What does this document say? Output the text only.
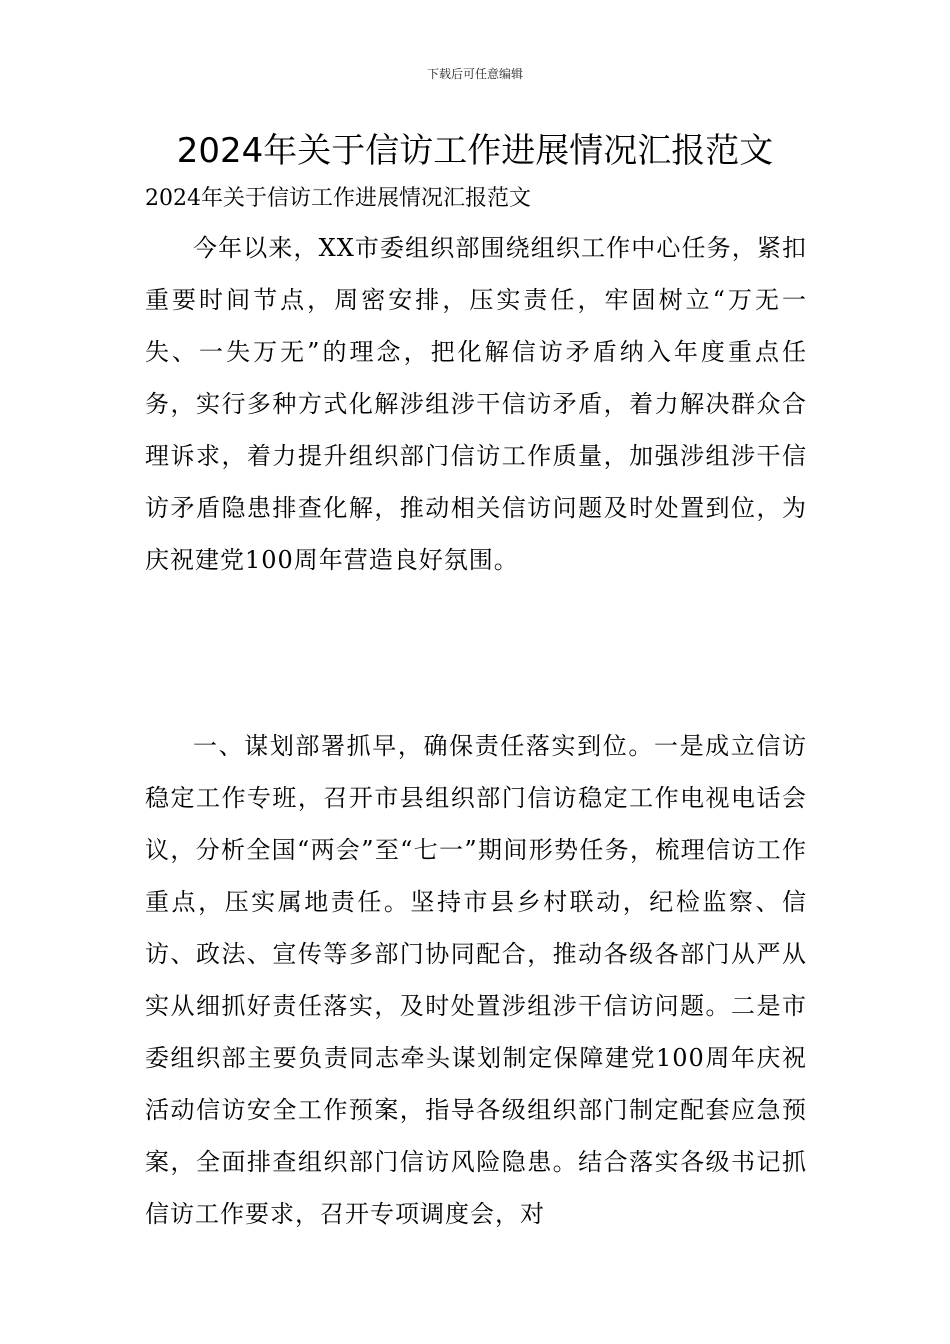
下载后可任意编辑
2024年关于信访工作进展情况汇报范文

2024年关于信访工作进展情况汇报范文

今年以来，XX市委组织部围绕组织工作中心任务，紧扣重要时间节点，周密安排，压实责任，牢固树立“万无一失、一失万无”的理念，把化解信访矛盾纳入年度重点任务，实行多种方式化解涉组涉干信访矛盾，着力解决群众合理诉求，着力提升组织部门信访工作质量，加强涉组涉干信访矛盾隐患排查化解，推动相关信访问题及时处置到位，为庆祝建党100周年营造良好氛围。

一、谋划部署抓早，确保责任落实到位。一是成立信访稳定工作专班，召开市县组织部门信访稳定工作电视电话会议，分析全国“两会”至“七一”期间形势任务，梳理信访工作重点，压实属地责任。坚持市县乡村联动，纪检监察、信访、政法、宣传等多部门协同配合，推动各级各部门从严从实从细抓好责任落实，及时处置涉组涉干信访问题。二是市委组织部主要负责同志牵头谋划制定保障建党100周年庆祝活动信访安全工作预案，指导各级组织部门制定配套应急预案，全面排查组织部门信访风险隐患。结合落实各级书记抓信访工作要求，召开专项调度会，对
